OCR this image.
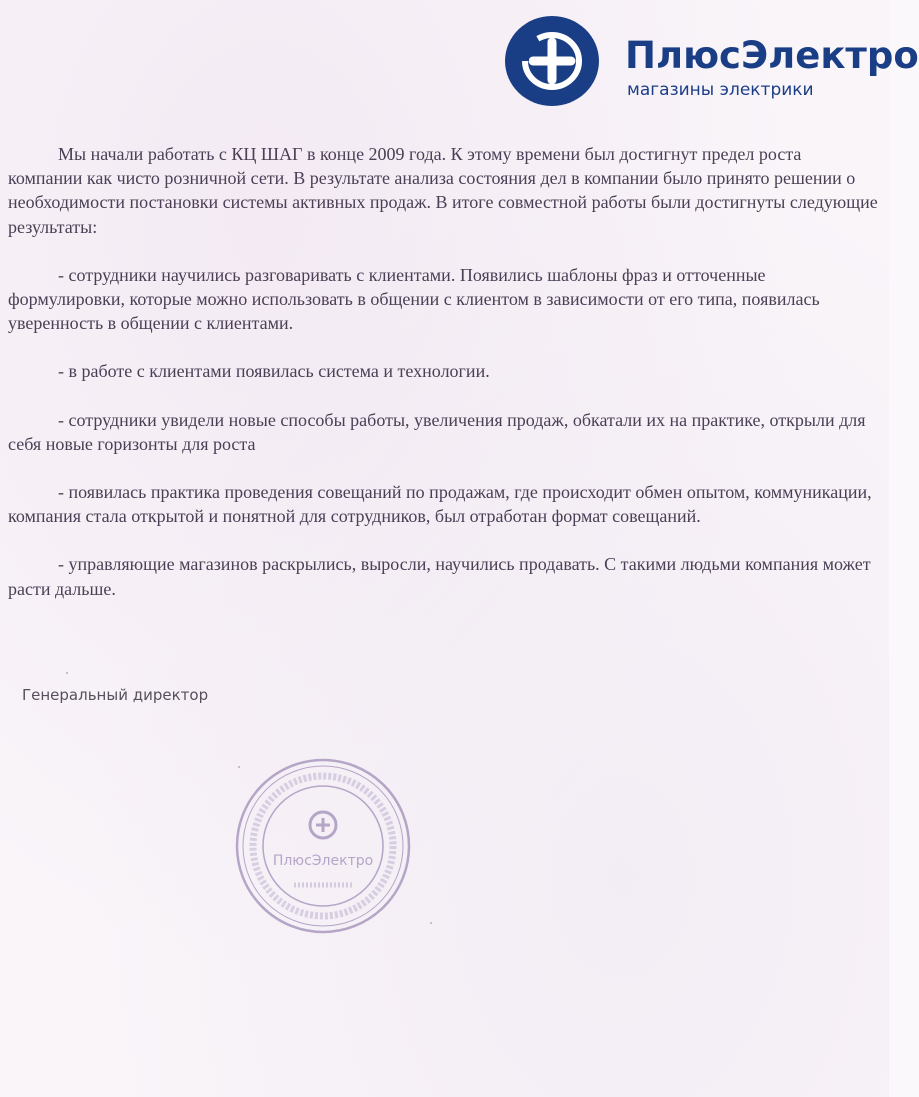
ПлюсЭлектро
магазины электрики

Мы начали работать с КЦ ШАГ в конце 2009 года. К этому времени был достигнут предел роста компании как чисто розничной сети. В результате анализа состояния дел в компании было принято решении о необходимости постановки системы активных продаж. В итоге совместной работы были достигнуты следующие результаты:

- сотрудники научились разговаривать с клиентами. Появились шаблоны фраз и отточенные формулировки, которые можно использовать в общении с клиентом в зависимости от его типа, появилась уверенность в общении с клиентами.

- в работе с клиентами появилась система и технологии.

- сотрудники увидели новые способы работы, увеличения продаж, обкатали их на практике, открыли для себя новые горизонты для роста

- появилась практика проведения совещаний по продажам, где происходит обмен опытом, коммуникации, компания стала открытой и понятной для сотрудников, был отработан формат совещаний.

- управляющие магазинов раскрылись, выросли, научились продавать. С такими людьми компания может расти дальше.

Генеральный директор
ПлюсЭлектро
